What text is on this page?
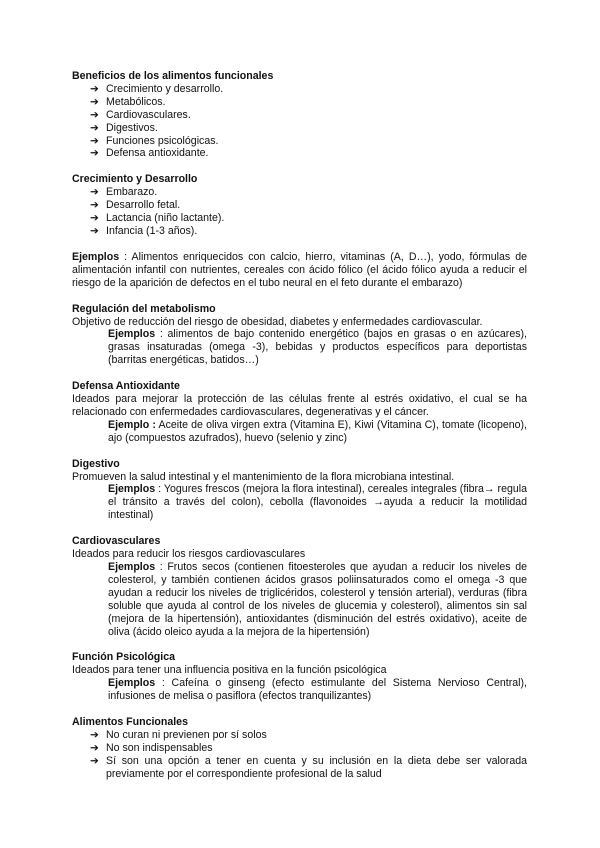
Beneficios de los alimentos funcionales
➔ Crecimiento y desarrollo.
➔ Metabólicos.
➔ Cardiovasculares.
➔ Digestivos.
➔ Funciones psicológicas.
➔ Defensa antioxidante.
Crecimiento y Desarrollo
➔ Embarazo.
➔ Desarrollo fetal.
➔ Lactancia (niño lactante).
➔ Infancia (1-3 años).
Ejemplos : Alimentos enriquecidos con calcio, hierro, vitaminas (A, D…), yodo, fórmulas de alimentación infantil con nutrientes, cereales con ácido fólico (el ácido fólico ayuda a reducir el riesgo de la aparición de defectos en el tubo neural en el feto durante el embarazo)
Regulación del metabolismo
Objetivo de reducción del riesgo de obesidad, diabetes y enfermedades cardiovascular.
Ejemplos : alimentos de bajo contenido energético (bajos en grasas o en azúcares), grasas insaturadas (omega -3), bebidas y productos específicos para deportistas (barritas energéticas, batidos…)
Defensa Antioxidante
Ideados para mejorar la protección de las células frente al estrés oxidativo, el cual se ha relacionado con enfermedades cardiovasculares, degenerativas y el cáncer.
Ejemplo : Aceite de oliva virgen extra (Vitamina E), Kiwi (Vitamina C), tomate (licopeno), ajo (compuestos azufrados), huevo (selenio y zinc)
Digestivo
Promueven la salud intestinal y el mantenimiento de la flora microbiana intestinal.
Ejemplos : Yogures frescos (mejora la flora intestinal), cereales integrales (fibra→ regula el tránsito a través del colon), cebolla (flavonoides →ayuda a reducir la motilidad intestinal)
Cardiovasculares
Ideados para reducir los riesgos cardiovasculares
Ejemplos : Frutos secos (contienen fitoesteroles que ayudan a reducir los niveles de colesterol, y también contienen ácidos grasos poliinsaturados como el omega -3 que ayudan a reducir los niveles de triglicéridos, colesterol y tensión arterial), verduras (fibra soluble que ayuda al control de los niveles de glucemia y colesterol), alimentos sin sal (mejora de la hipertensión), antioxidantes (disminución del estrés oxidativo), aceite de oliva (ácido oleico ayuda a la mejora de la hipertensión)
Función Psicológica
Ideados para tener una influencia positiva en la función psicológica
Ejemplos : Cafeína o ginseng (efecto estimulante del Sistema Nervioso Central), infusiones de melisa o pasiflora (efectos tranquilizantes)
Alimentos Funcionales
➔ No curan ni previenen por sí solos
➔ No son indispensables
➔ Sí son una opción a tener en cuenta y su inclusión en la dieta debe ser valorada previamente por el correspondiente profesional de la salud
